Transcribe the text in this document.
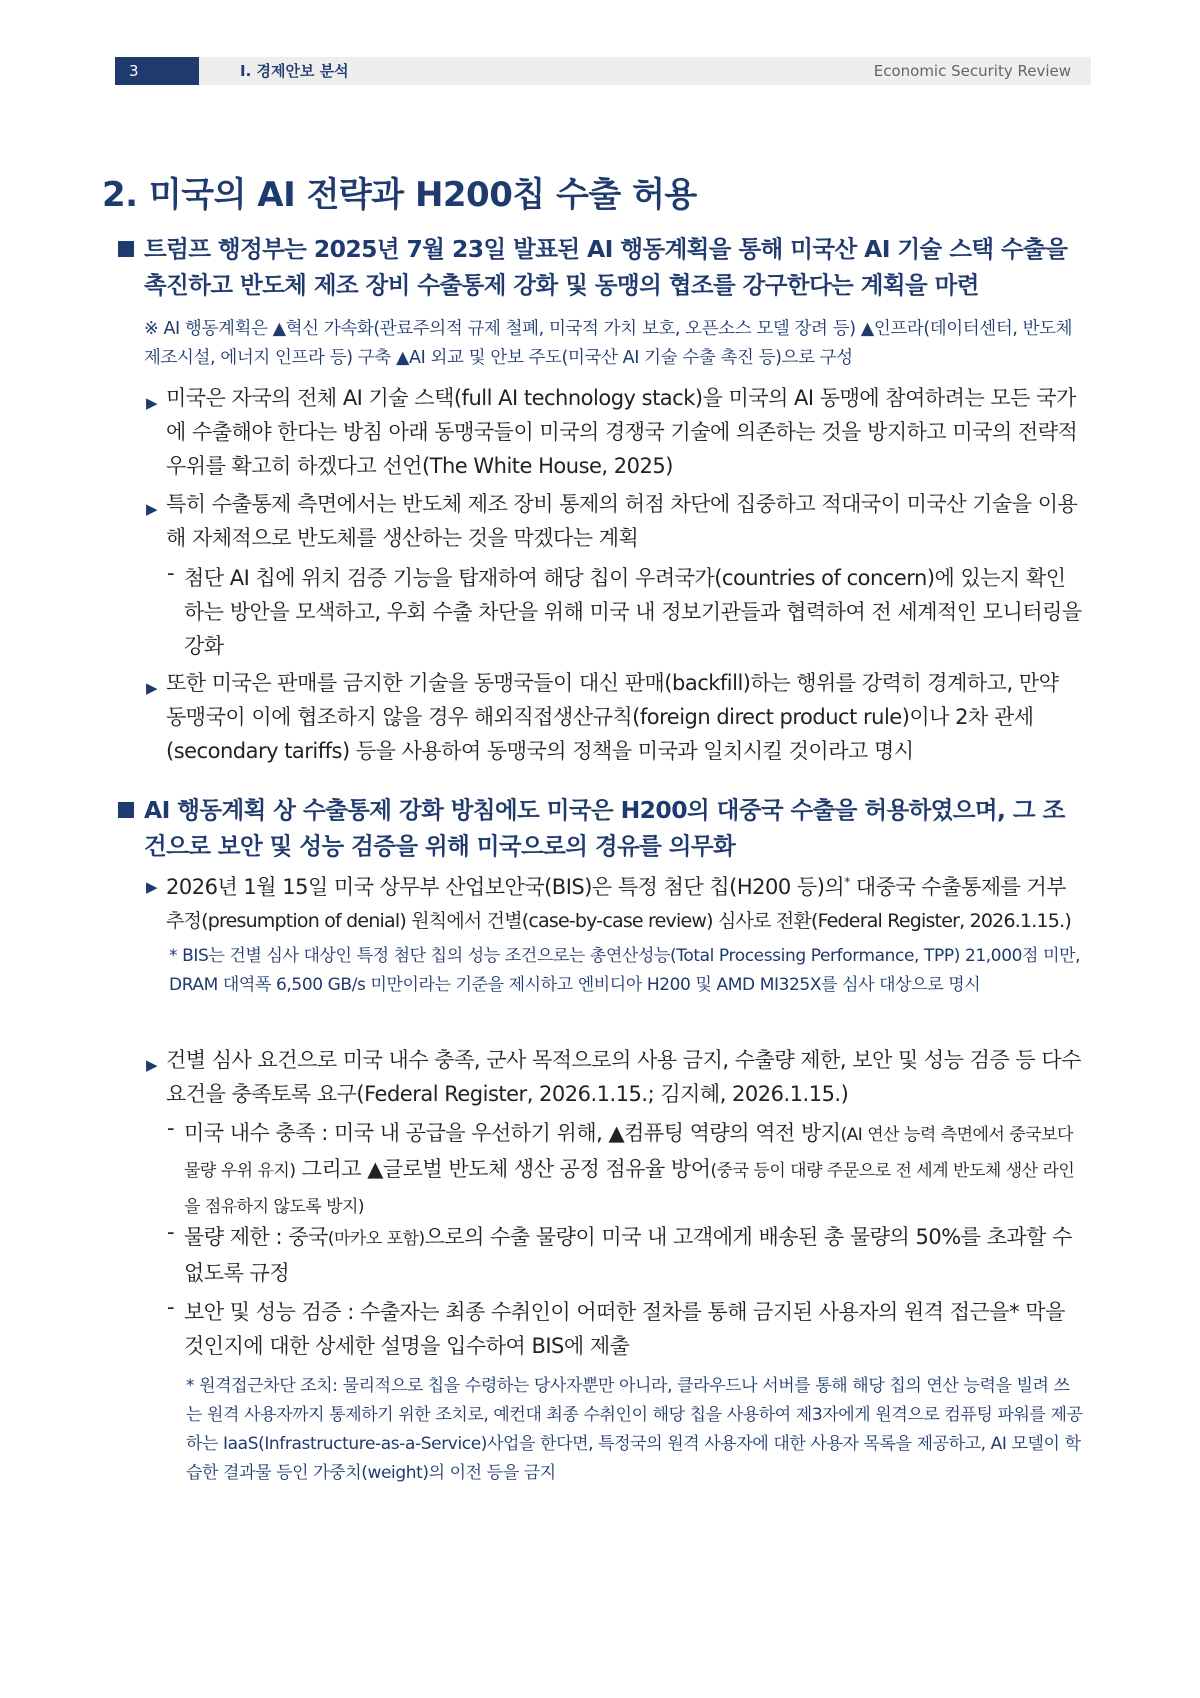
3	Ⅰ. 경제안보 분석	Economic Security Review
2. 미국의 AI 전략과 H200칩 수출 허용
트럼프 행정부는 2025년 7월 23일 발표된 AI 행동계획을 통해 미국산 AI 기술 스택 수출을 촉진하고 반도체 제조 장비 수출통제 강화 및 동맹의 협조를 강구한다는 계획을 마련
※ AI 행동계획은 ▲혁신 가속화(관료주의적 규제 철폐, 미국적 가치 보호, 오픈소스 모델 장려 등) ▲인프라(데이터센터, 반도체 제조시설, 에너지 인프라 등) 구축 ▲AI 외교 및 안보 주도(미국산 AI 기술 수출 촉진 등)으로 구성
▶ 미국은 자국의 전체 AI 기술 스택(full AI technology stack)을 미국의 AI 동맹에 참여하려는 모든 국가에 수출해야 한다는 방침 아래 동맹국들이 미국의 경쟁국 기술에 의존하는 것을 방지하고 미국의 전략적 우위를 확고히 하겠다고 선언(The White House, 2025)
▶ 특히 수출통제 측면에서는 반도체 제조 장비 통제의 허점 차단에 집중하고 적대국이 미국산 기술을 이용해 자체적으로 반도체를 생산하는 것을 막겠다는 계획
- 첨단 AI 칩에 위치 검증 기능을 탑재하여 해당 칩이 우려국가(countries of concern)에 있는지 확인하는 방안을 모색하고, 우회 수출 차단을 위해 미국 내 정보기관들과 협력하여 전 세계적인 모니터링을 강화
▶ 또한 미국은 판매를 금지한 기술을 동맹국들이 대신 판매(backfill)하는 행위를 강력히 경계하고, 만약 동맹국이 이에 협조하지 않을 경우 해외직접생산규칙(foreign direct product rule)이나 2차 관세(secondary tariffs) 등을 사용하여 동맹국의 정책을 미국과 일치시킬 것이라고 명시
AI 행동계획 상 수출통제 강화 방침에도 미국은 H200의 대중국 수출을 허용하였으며, 그 조건으로 보안 및 성능 검증을 위해 미국으로의 경유를 의무화
▶ 2026년 1월 15일 미국 상무부 산업보안국(BIS)은 특정 첨단 칩(H200 등)의* 대중국 수출통제를 거부
추정(presumption of denial) 원칙에서 건별(case-by-case review) 심사로 전환(Federal Register, 2026.1.15.)
* BIS는 건별 심사 대상인 특정 첨단 칩의 성능 조건으로는 총연산성능(Total Processing Performance, TPP) 21,000점 미만, DRAM 대역폭 6,500 GB/s 미만이라는 기준을 제시하고 엔비디아 H200 및 AMD MI325X를 심사 대상으로 명시
▶ 건별 심사 요건으로 미국 내수 충족, 군사 목적으로의 사용 금지, 수출량 제한, 보안 및 성능 검증 등 다수 요건을 충족토록 요구(Federal Register, 2026.1.15.; 김지혜, 2026.1.15.)
- 미국 내수 충족 : 미국 내 공급을 우선하기 위해, ▲컴퓨팅 역량의 역전 방지(AI 연산 능력 측면에서 중국보다 물량 우위 유지) 그리고 ▲글로벌 반도체 생산 공정 점유율 방어(중국 등이 대량 주문으로 전 세계 반도체 생산 라인을 점유하지 않도록 방지)
- 물량 제한 : 중국(마카오 포함)으로의 수출 물량이 미국 내 고객에게 배송된 총 물량의 50%를 초과할 수 없도록 규정
- 보안 및 성능 검증 : 수출자는 최종 수취인이 어떠한 절차를 통해 금지된 사용자의 원격 접근을* 막을 것인지에 대한 상세한 설명을 입수하여 BIS에 제출
* 원격접근차단 조치: 물리적으로 칩을 수령하는 당사자뿐만 아니라, 클라우드나 서버를 통해 해당 칩의 연산 능력을 빌려 쓰는 원격 사용자까지 통제하기 위한 조치로, 예컨대 최종 수취인이 해당 칩을 사용하여 제3자에게 원격으로 컴퓨팅 파워를 제공하는 IaaS(Infrastructure-as-a-Service)사업을 한다면, 특정국의 원격 사용자에 대한 사용자 목록을 제공하고, AI 모델이 학습한 결과물 등인 가중치(weight)의 이전 등을 금지
